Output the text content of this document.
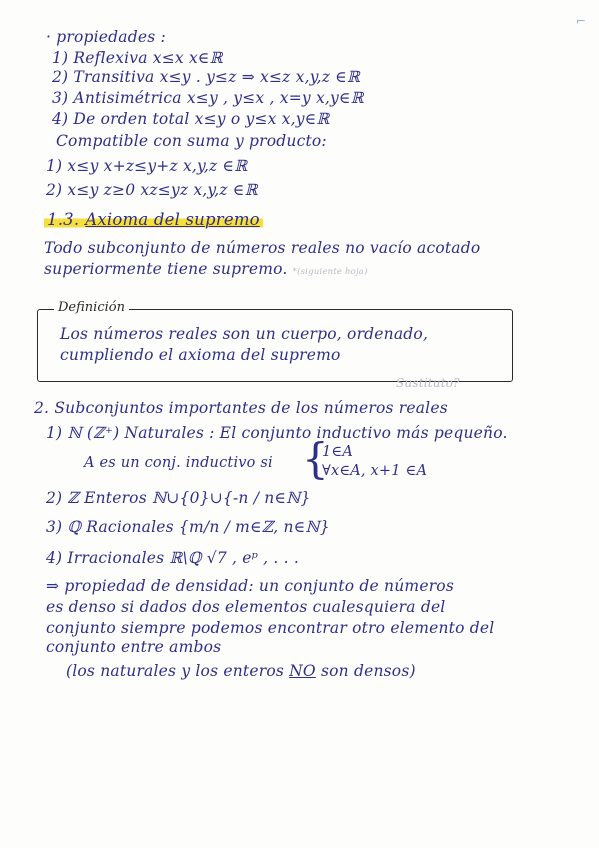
⌐
· propiedades :
1) Reflexiva x≤x x∈ℝ
2) Transitiva x≤y . y≤z ⇒ x≤z x,y,z ∈ℝ
3) Antisimétrica x≤y , y≤x , x=y x,y∈ℝ
4) De orden total x≤y o y≤x x,y∈ℝ
Compatible con suma y producto:
1) x≤y x+z≤y+z x,y,z ∈ℝ
2) x≤y z≥0 xz≤yz x,y,z ∈ℝ
1.3. Axioma del supremo
Todo subconjunto de números reales no vacío acotado
superiormente tiene supremo. *(siguiente hoja)
Definición
Los números reales son un cuerpo, ordenado,
cumpliendo el axioma del supremo
Sustituto?
2. Subconjuntos importantes de los números reales
1) ℕ (ℤ⁺) Naturales : El conjunto inductivo más pequeño.
A es un conj. inductivo si {
1∈A
∀x∈A, x+1 ∈A
2) ℤ Enteros ℕ∪{0}∪{-n / n∈ℕ}
3) ℚ Racionales {m/n / m∈ℤ, n∈ℕ}
4) Irracionales ℝ\ℚ √7 , eᵖ , . . .
⇒ propiedad de densidad: un conjunto de números
es denso si dados dos elementos cualesquiera del
conjunto siempre podemos encontrar otro elemento del
conjunto entre ambos
(los naturales y los enteros NO son densos)
